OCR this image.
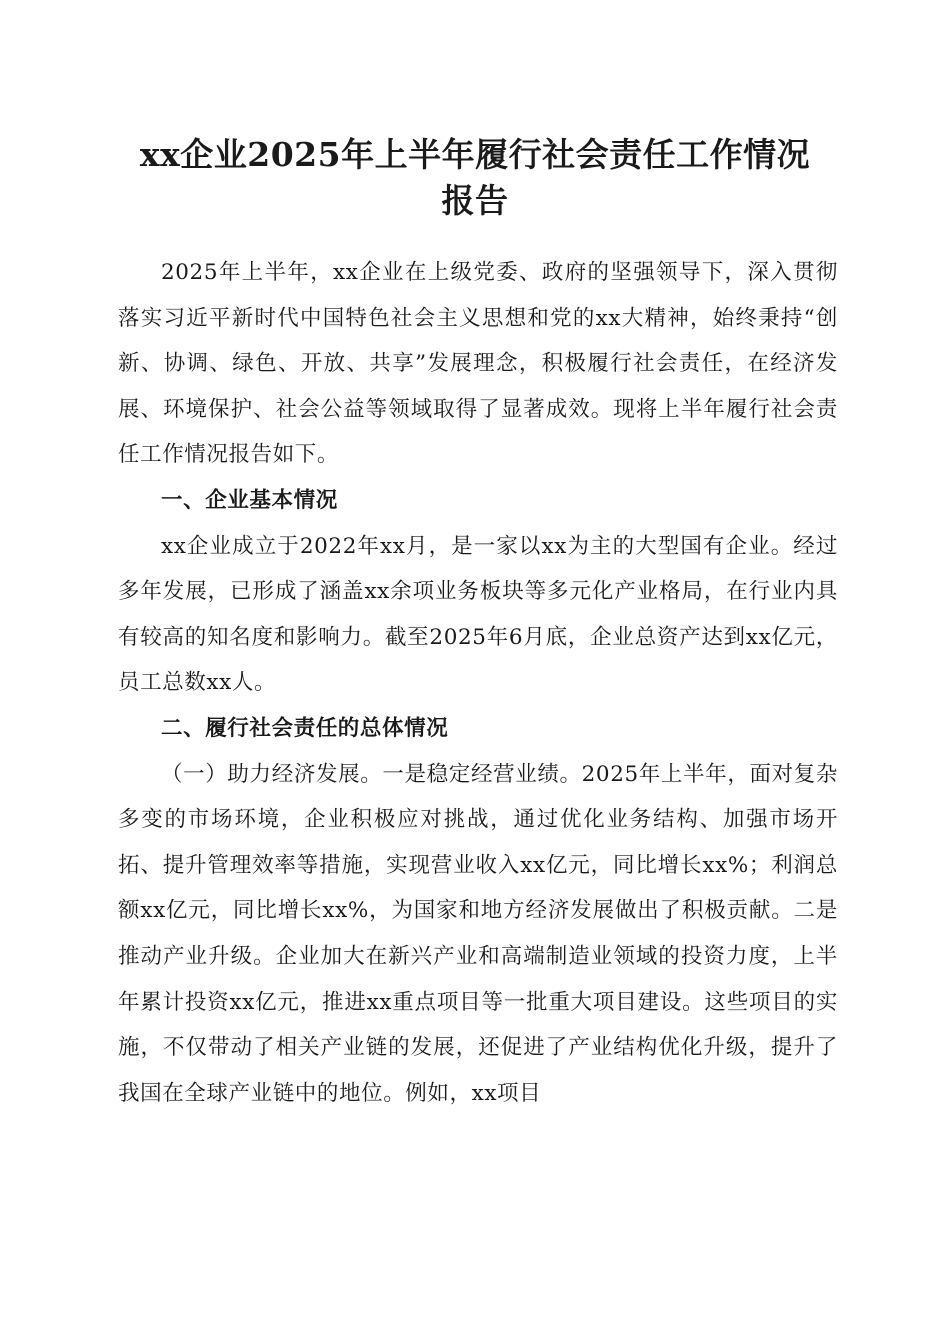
xx企业2025年上半年履行社会责任工作情况
报告

2025年上半年，xx企业在上级党委、政府的坚强领导下，深入贯彻落实习近平新时代中国特色社会主义思想和党的xx大精神，始终秉持“创新、协调、绿色、开放、共享”发展理念，积极履行社会责任，在经济发展、环境保护、社会公益等领域取得了显著成效。现将上半年履行社会责任工作情况报告如下。

一、企业基本情况

xx企业成立于2022年xx月，是一家以xx为主的大型国有企业。经过多年发展，已形成了涵盖xx余项业务板块等多元化产业格局，在行业内具有较高的知名度和影响力。截至2025年6月底，企业总资产达到xx亿元，员工总数xx人。

二、履行社会责任的总体情况

（一）助力经济发展。一是稳定经营业绩。2025年上半年，面对复杂多变的市场环境，企业积极应对挑战，通过优化业务结构、加强市场开拓、提升管理效率等措施，实现营业收入xx亿元，同比增长xx%；利润总额xx亿元，同比增长xx%，为国家和地方经济发展做出了积极贡献。二是推动产业升级。企业加大在新兴产业和高端制造业领域的投资力度，上半年累计投资xx亿元，推进xx重点项目等一批重大项目建设。这些项目的实施，不仅带动了相关产业链的发展，还促进了产业结构优化升级，提升了我国在全球产业链中的地位。例如，xx项目
